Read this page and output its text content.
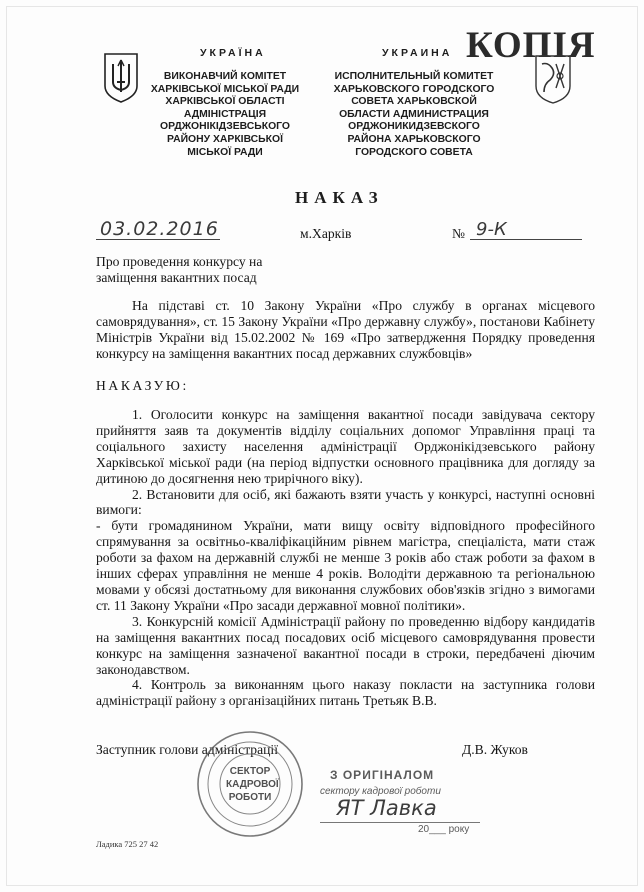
УКРАЇНА
ВИКОНАВЧИЙ КОМІТЕТ
ХАРКІВСЬКОЇ МІСЬКОЇ РАДИ
ХАРКІВСЬКОЇ ОБЛАСТІ
АДМІНІСТРАЦІЯ
ОРДЖОНІКІДЗЕВСЬКОГО
РАЙОНУ ХАРКІВСЬКОЇ
МІСЬКОЇ РАДИ
УКРАИНА
ИСПОЛНИТЕЛЬНЫЙ КОМИТЕТ
ХАРЬКОВСКОГО ГОРОДСКОГО
СОВЕТА ХАРЬКОВСКОЙ
ОБЛАСТИ АДМИНИСТРАЦИЯ
ОРДЖОНИКИДЗЕВСКОГО
РАЙОНА ХАРЬКОВСКОГО
ГОРОДСКОГО СОВЕТА
КОПІЯ
НАКАЗ
03.02.2016	м.Харків	№ 9-К
Про проведення конкурсу на
заміщення вакантних посад
На підставі ст. 10 Закону України «Про службу в органах місцевого самоврядування», ст. 15 Закону України «Про державну службу», постанови Кабінету Міністрів України від 15.02.2002 № 169 «Про затвердження Порядку проведення конкурсу на заміщення вакантних посад державних службовців»
НАКАЗУЮ:
1. Оголосити конкурс на заміщення вакантної посади завідувача сектору прийняття заяв та документів відділу соціальних допомог Управління праці та соціального захисту населення адміністрації Орджонікідзевського району Харківської міської ради (на період відпустки основного працівника для догляду за дитиною до досягнення нею трирічного віку).
2. Встановити для осіб, які бажають взяти участь у конкурсі, наступні основні вимоги:
- бути громадянином України, мати вищу освіту відповідного професійного спрямування за освітньо-кваліфікаційним рівнем магістра, спеціаліста, мати стаж роботи за фахом на державній службі не менше 3 років або стаж роботи за фахом в інших сферах управління не менше 4 років. Володіти державною та регіональною мовами у обсязі достатньому для виконання службових обов'язків згідно з вимогами ст. 11 Закону України «Про засади державної мовної політики».
3. Конкурсній комісії Адміністрації району по проведенню відбору кандидатів на заміщення вакантних посад посадових осіб місцевого самоврядування провести конкурс на заміщення зазначеної вакантної посади в строки, передбачені діючим законодавством.
4. Контроль за виконанням цього наказу покласти на заступника голови адміністрації району з організаційних питань Третьяк В.В.
Заступник голови адміністрації	Д.В. Жуков
СЕКТОР
КАДРОВОЇ
РОБОТИ
З ОРИГІНАЛОМ
сектору кадрової роботи
ЯТ Лавка
20___ року
Ладика 725 27 42
